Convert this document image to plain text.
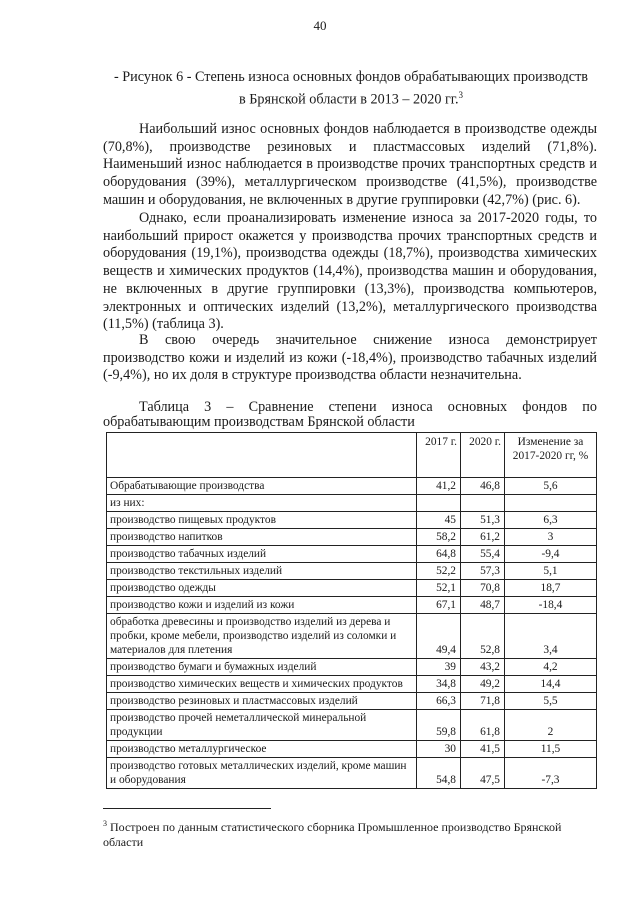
40
- Рисунок 6 - Степень износа основных фондов обрабатывающих производств
в Брянской области в 2013 – 2020 гг.$^3$

Наибольший износ основных фондов наблюдается в производстве одежды (70,8%), производстве резиновых и пластмассовых изделий (71,8%). Наименьший износ наблюдается в производстве прочих транспортных средств и оборудования (39%), металлургическом производстве (41,5%), производстве машин и оборудования, не включенных в другие группировки (42,7%) (рис. 6).

Однако, если проанализировать изменение износа за 2017-2020 годы, то наибольший прирост окажется у производства прочих транспортных средств и оборудования (19,1%), производства одежды (18,7%), производства химических веществ и химических продуктов (14,4%), производства машин и оборудования, не включенных в другие группировки (13,3%), производства компьютеров, электронных и оптических изделий (13,2%), металлургического производства (11,5%) (таблица 3).

В свою очередь значительное снижение износа демонстрирует производство кожи и изделий из кожи (-18,4%), производство табачных изделий (-9,4%), но их доля в структуре производства области незначительна.

Таблица 3 – Сравнение степени износа основных фондов по обрабатывающим производствам Брянской области

	2017 г.	2020 г.	Изменение за 2017-2020 гг, %
Обрабатывающие производства	41,2	46,8	5,6
из них:			
производство пищевых продуктов	45	51,3	6,3
производство напитков	58,2	61,2	3
производство табачных изделий	64,8	55,4	-9,4
производство текстильных изделий	52,2	57,3	5,1
производство одежды	52,1	70,8	18,7
производство кожи и изделий из кожи	67,1	48,7	-18,4
обработка древесины и производство изделий из дерева и пробки, кроме мебели, производство изделий из соломки и материалов для плетения	49,4	52,8	3,4
производство бумаги и бумажных изделий	39	43,2	4,2
производство химических веществ и химических продуктов	34,8	49,2	14,4
производство резиновых и пластмассовых изделий	66,3	71,8	5,5
производство прочей неметаллической минеральной продукции	59,8	61,8	2
производство металлургическое	30	41,5	11,5
производство готовых металлических изделий, кроме машин и оборудования	54,8	47,5	-7,3
$^3$ Построен по данным статистического сборника Промышленное производство Брянской области
